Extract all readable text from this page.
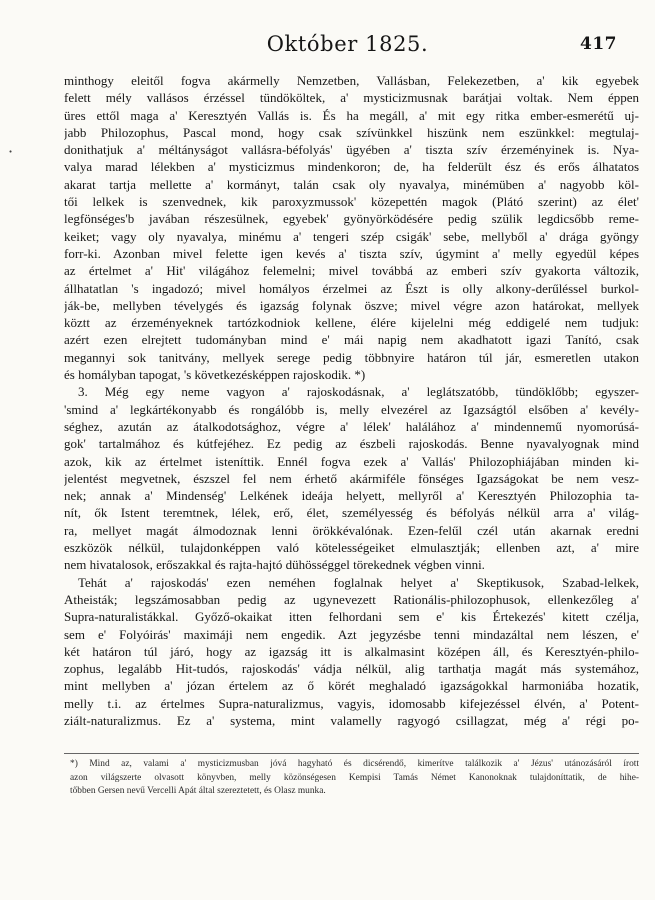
Október 1825.	417
·
minthogy eleitől fogva akármelly Nemzetben, Vallásban, Felekezetben, a' kik egyebek
felett mély vallásos érzéssel tündököltek, a' mysticizmusnak barátjai voltak. Nem éppen
üres ettől maga a' Keresztyén Vallás is. És ha megáll, a' mit egy ritka ember-esmerétű uj-
jabb Philozophus, Pascal mond, hogy csak szívünkkel hiszünk nem eszünkkel: megtulaj-
donithatjuk a' méltányságot vallásra-béfolyás' ügyében a' tiszta szív érzeményinek is. Nya-
valya marad lélekben a' mysticizmus mindenkoron; de, ha felderült ész és erős álhatatos
akarat tartja mellette a' kormányt, talán csak oly nyavalya, minémüben a' nagyobb köl-
tői lelkek is szenvednek, kik paroxyzmussok' közepettén magok (Plátó szerint) az élet'
legfönséges'b javában részesülnek, egyebek' gyönyörködésére pedig szülik legdicsőbb reme-
keiket; vagy oly nyavalya, minému a' tengeri szép csigák' sebe, mellyből a' drága gyöngy
forr-ki. Azonban mivel felette igen kevés a' tiszta szív, úgymint a' melly egyedül képes
az értelmet a' Hit' világához felemelni; mivel továbbá az emberi szív gyakorta változik,
állhatatlan 's ingadozó; mivel homályos érzelmei az Észt is olly alkony-derűléssel burkol-
ják-be, mellyben tévelygés és igazság folynak öszve; mivel végre azon határokat, mellyek
köztt az érzeményeknek tartózkodniok kellene, élére kijelelni még eddigelé nem tudjuk:
azért ezen elrejtett tudományban mind e' mái napig nem akadhatott igazi Tanító, csak
megannyi sok tanitvány, mellyek serege pedig többnyire határon túl jár, esmeretlen utakon
és homályban tapogat, 's következésképpen rajoskodik. *)
3. Még egy neme vagyon a' rajoskodásnak, a' leglátszatóbb, tündöklőbb; egyszer-
'smind a' legkártékonyabb és rongálóbb is, melly elvezérel az Igazságtól elsőben a' kevély-
séghez, azután az átalkodotsághoz, végre a' lélek' halálához a' mindennemű nyomorúsá-
gok' tartalmához és kútfejéhez. Ez pedig az észbeli rajoskodás. Benne nyavalyognak mind
azok, kik az értelmet isteníttik. Ennél fogva ezek a' Vallás' Philozophiájában minden ki-
jelentést megvetnek, észszel fel nem érhető akármiféle fönséges Igazságokat be nem vesz-
nek; annak a' Mindenség' Lelkének ideája helyett, mellyről a' Keresztyén Philozophia ta-
nít, ők Istent teremtnek, lélek, erő, élet, személyesség és béfolyás nélkül arra a' világ-
ra, mellyet magát álmodoznak lenni örökkévalónak. Ezen-felűl czél után akarnak eredni
eszközök nélkül, tulajdonképpen való kötelességeiket elmulasztják; ellenben azt, a' mire
nem hivatalosok, erőszakkal és rajta-hajtó dühösséggel törekednek végben vinni.
Tehát a' rajoskodás' ezen neméhen foglalnak helyet a' Skeptikusok, Szabad-lelkek,
Atheisták; legszámosabban pedig az ugynevezett Rationális-philozophusok, ellenkezőleg a'
Supra-naturalistákkal. Győző-okaikat itten felhordani sem e' kis Értekezés' kitett czélja,
sem e' Folyóirás' maximáji nem engedik. Azt jegyzésbe tenni mindazáltal nem lészen, e'
két határon túl járó, hogy az igazság itt is alkalmasint középen áll, és Keresztyén-philo-
zophus, legalább Hit-tudós, rajoskodás' vádja nélkül, alig tarthatja magát más systemához,
mint mellyben a' józan értelem az ő körét meghaladó igazságokkal harmoniába hozatik,
melly t.i. az értelmes Supra-naturalizmus, vagyis, idomosabb kifejezéssel élvén, a' Potent-
ziált-naturalizmus. Ez a' systema, mint valamelly ragyogó csillagzat, még a' régi po-
*) Mind az, valami a' mysticizmusban jóvá hagyható és dicsérendő, kimerítve találkozik a' Jézus' utánozásáról írott
azon világszerte olvasott könyvben, melly közönségesen Kempisi Tamás Német Kanonoknak tulajdoníttatik, de hihe-
tőbben Gersen nevű Vercelli Apát által szereztetett, és Olasz munka.
